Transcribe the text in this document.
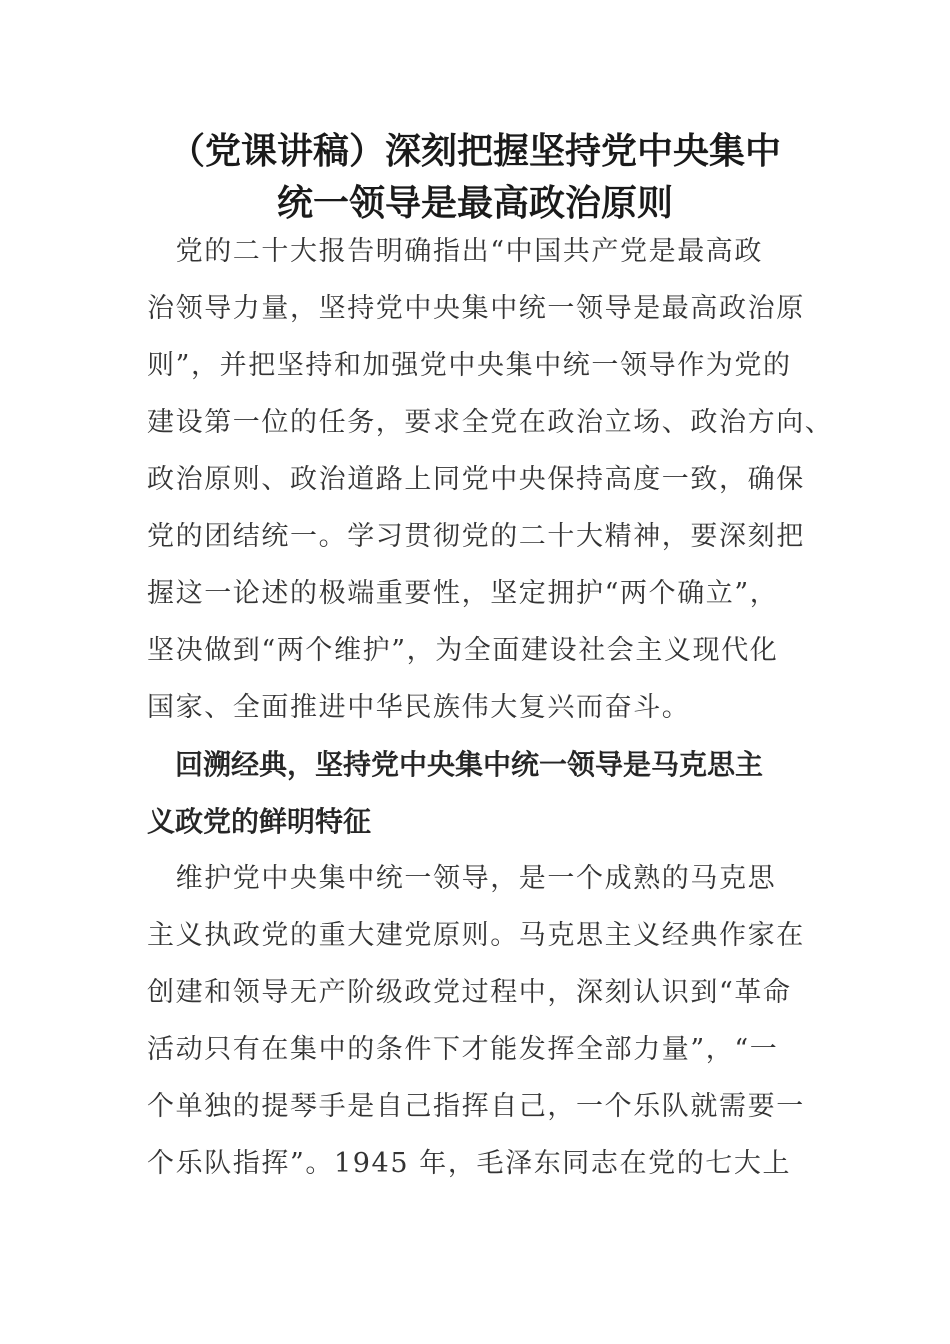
（党课讲稿）深刻把握坚持党中央集中
统一领导是最高政治原则
　党的二十大报告明确指出“中国共产党是最高政
治领导力量，坚持党中央集中统一领导是最高政治原
则”，并把坚持和加强党中央集中统一领导作为党的
建设第一位的任务，要求全党在政治立场、政治方向、
政治原则、政治道路上同党中央保持高度一致，确保
党的团结统一。学习贯彻党的二十大精神，要深刻把
握这一论述的极端重要性，坚定拥护“两个确立”，
坚决做到“两个维护”，为全面建设社会主义现代化
国家、全面推进中华民族伟大复兴而奋斗。
　回溯经典，坚持党中央集中统一领导是马克思主
义政党的鲜明特征
　维护党中央集中统一领导，是一个成熟的马克思
主义执政党的重大建党原则。马克思主义经典作家在
创建和领导无产阶级政党过程中，深刻认识到“革命
活动只有在集中的条件下才能发挥全部力量”，“一
个单独的提琴手是自己指挥自己，一个乐队就需要一
个乐队指挥”。1945 年，毛泽东同志在党的七大上
